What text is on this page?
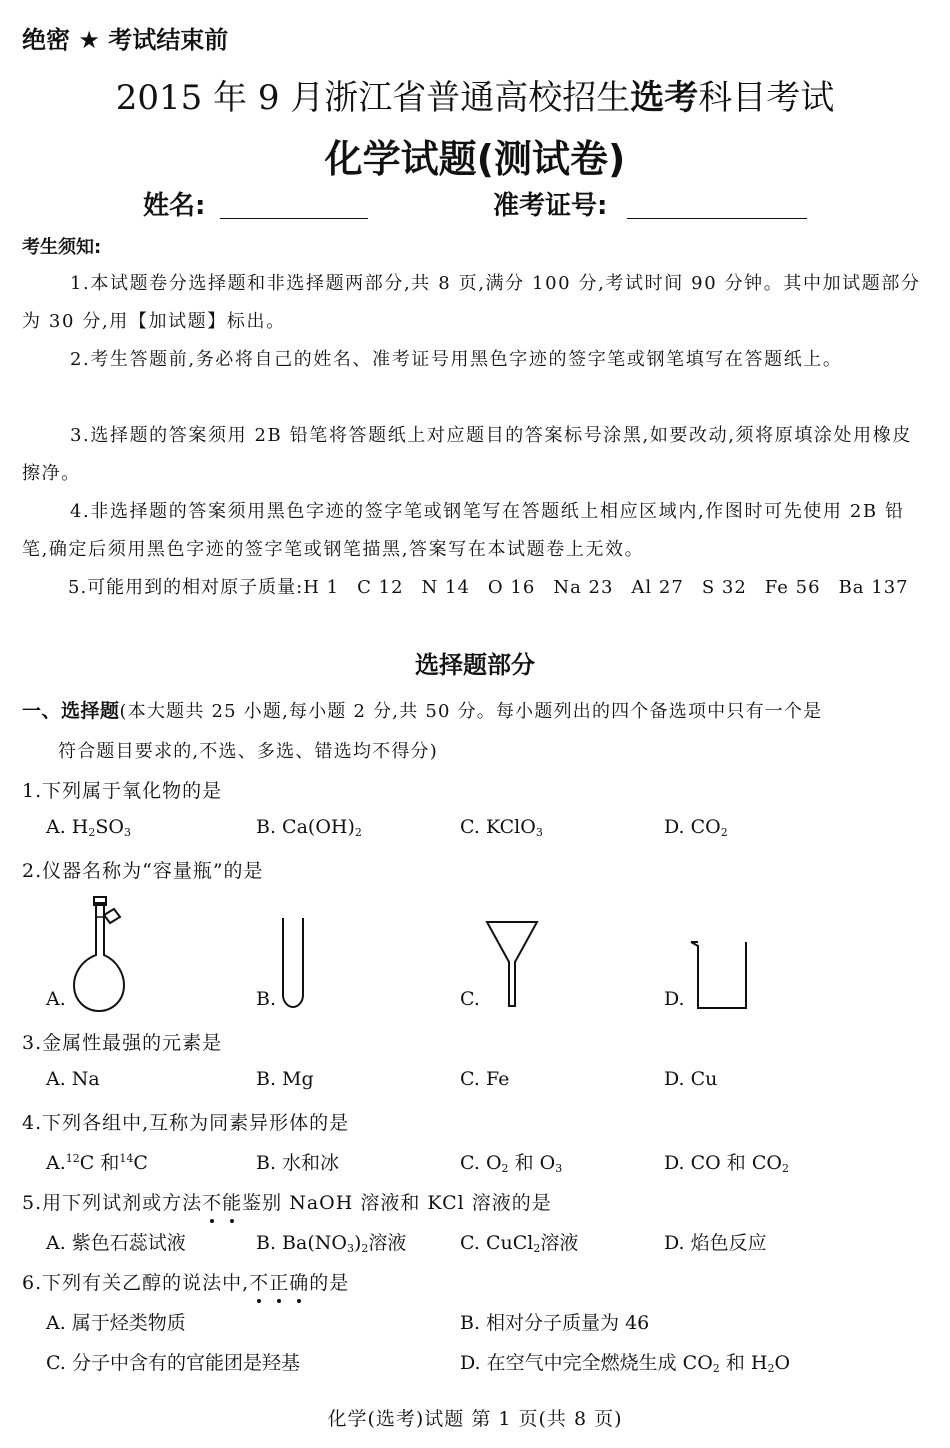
绝密 ★ 考试结束前
2015 年 9 月浙江省普通高校招生选考科目考试
化学试题(测试卷)
姓名:	准考证号:
考生须知:
1.本试题卷分选择题和非选择题两部分,共 8 页,满分 100 分,考试时间 90 分钟。其中加试题部分为 30 分,用【加试题】标出。
2.考生答题前,务必将自己的姓名、准考证号用黑色字迹的签字笔或钢笔填写在答题纸上。
3.选择题的答案须用 2B 铅笔将答题纸上对应题目的答案标号涂黑,如要改动,须将原填涂处用橡皮擦净。
4.非选择题的答案须用黑色字迹的签字笔或钢笔写在答题纸上相应区域内,作图时可先使用 2B 铅笔,确定后须用黑色字迹的签字笔或钢笔描黑,答案写在本试题卷上无效。
5.可能用到的相对原子质量:H 1 C 12 N 14 O 16 Na 23 Al 27 S 32 Fe 56 Ba 137
选择题部分
一、选择题(本大题共 25 小题,每小题 2 分,共 50 分。每小题列出的四个备选项中只有一个是
符合题目要求的,不选、多选、错选均不得分)
1.下列属于氧化物的是
A. $H_2SO_3$	B. $Ca(OH)_2$	C. KClO$_3$	D. $CO_2$
2.仪器名称为“容量瓶”的是
A.	B.	C.	D.
3.金属性最强的元素是
A. Na	B. Mg	C. Fe	D. Cu
4.下列各组中,互称为同素异形体的是
A.$^{12}$C 和$^{14}$C	B. 水和冰	C. $O_2$ 和 $O_3$	D. CO 和 $CO_2$
5.用下列试剂或方法不能鉴别 NaOH 溶液和 KCl 溶液的是
A. 紫色石蕊试液	B. $Ba(NO_3)_2$溶液	C. CuCl$_2$溶液	D. 焰色反应
6.下列有关乙醇的说法中,不正确的是
A. 属于烃类物质	B. 相对分子质量为 46
C. 分子中含有的官能团是羟基	D. 在空气中完全燃烧生成 $CO_2$ 和 $H_2O$
化学(选考)试题 第 1 页(共 8 页)
